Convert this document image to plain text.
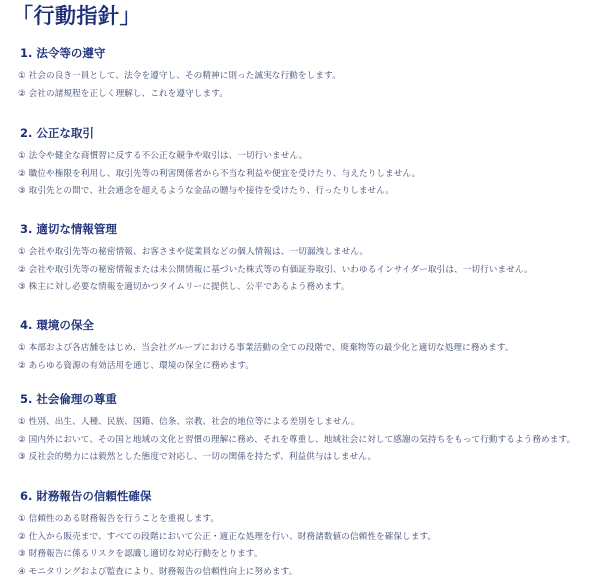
「行動指針」
1. 法令等の遵守
① 社会の良き一員として、法令を遵守し、その精神に則った誠実な行動をします。
② 会社の諸規程を正しく理解し、これを遵守します。
2. 公正な取引
① 法令や健全な商慣習に反する不公正な競争や取引は、一切行いません。
② 職位や権限を利用し、取引先等の利害関係者から不当な利益や便宜を受けたり、与えたりしません。
③ 取引先との間で、社会通念を超えるような金品の贈与や接待を受けたり、行ったりしません。
3. 適切な情報管理
① 会社や取引先等の秘密情報、お客さまや従業員などの個人情報は、一切漏洩しません。
② 会社や取引先等の秘密情報または未公開情報に基づいた株式等の有価証券取引、いわゆるインサイダー取引は、一切行いません。
③ 株主に対し必要な情報を適切かつタイムリーに提供し、公平であるよう務めます。
4. 環境の保全
① 本部および各店舗をはじめ、当会社グループにおける事業活動の全ての段階で、廃棄物等の最少化と適切な処理に務めます。
② あらゆる資源の有効活用を通じ、環境の保全に務めます。
5. 社会倫理の尊重
① 性別、出生、人種、民族、国籍、信条、宗教、社会的地位等による差別をしません。
② 国内外において、その国と地域の文化と習慣の理解に務め、それを尊重し、地域社会に対して感謝の気持ちをもって行動するよう務めます。
③ 反社会的勢力には毅然とした態度で対応し、一切の関係を持たず、利益供与はしません。
6. 財務報告の信頼性確保
① 信頼性のある財務報告を行うことを重視します。
② 仕入から販売まで、すべての段階において公正・適正な処理を行い、財務諸数値の信頼性を確保します。
③ 財務報告に係るリスクを認識し適切な対応行動をとります。
④ モニタリングおよび監査により、財務報告の信頼性向上に努めます。
